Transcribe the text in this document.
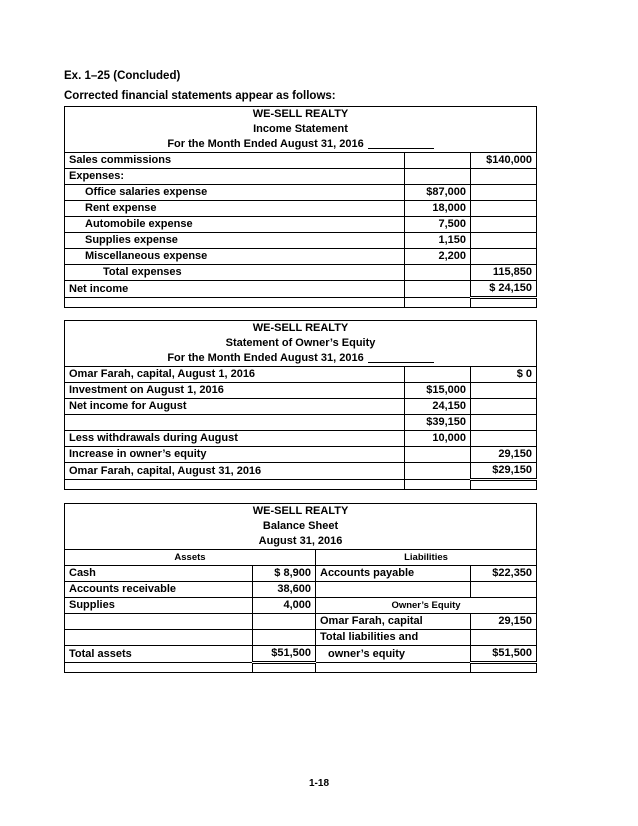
Ex. 1–25 (Concluded)
Corrected financial statements appear as follows:
WE-SELL REALTY		
Income Statement		
For the Month Ended August 31, 2016		
Sales commissions		$140,000
Expenses:		
Office salaries expense	$87,000	
Rent expense	18,000	
Automobile expense	7,500	
Supplies expense	1,150	
Miscellaneous expense	2,200	
Total expenses		115,850
Net income		$ 24,150

WE-SELL REALTY		
Statement of Owner’s Equity		
For the Month Ended August 31, 2016		
Omar Farah, capital, August 1, 2016		$ 0
Investment on August 1, 2016	$15,000	
Net income for August	24,150	
	$39,150	
Less withdrawals during August	10,000	
Increase in owner’s equity		29,150
Omar Farah, capital, August 31, 2016		$29,150

WE-SELL REALTY			
Balance Sheet			
August 31, 2016			
Assets		Liabilities	
Cash	$ 8,900	Accounts payable	$22,350
Accounts receivable	38,600		
Supplies	4,000	Owner’s Equity	
		Omar Farah, capital	29,150
		Total liabilities and	
Total assets	$51,500	owner’s equity	$51,500

1-18
